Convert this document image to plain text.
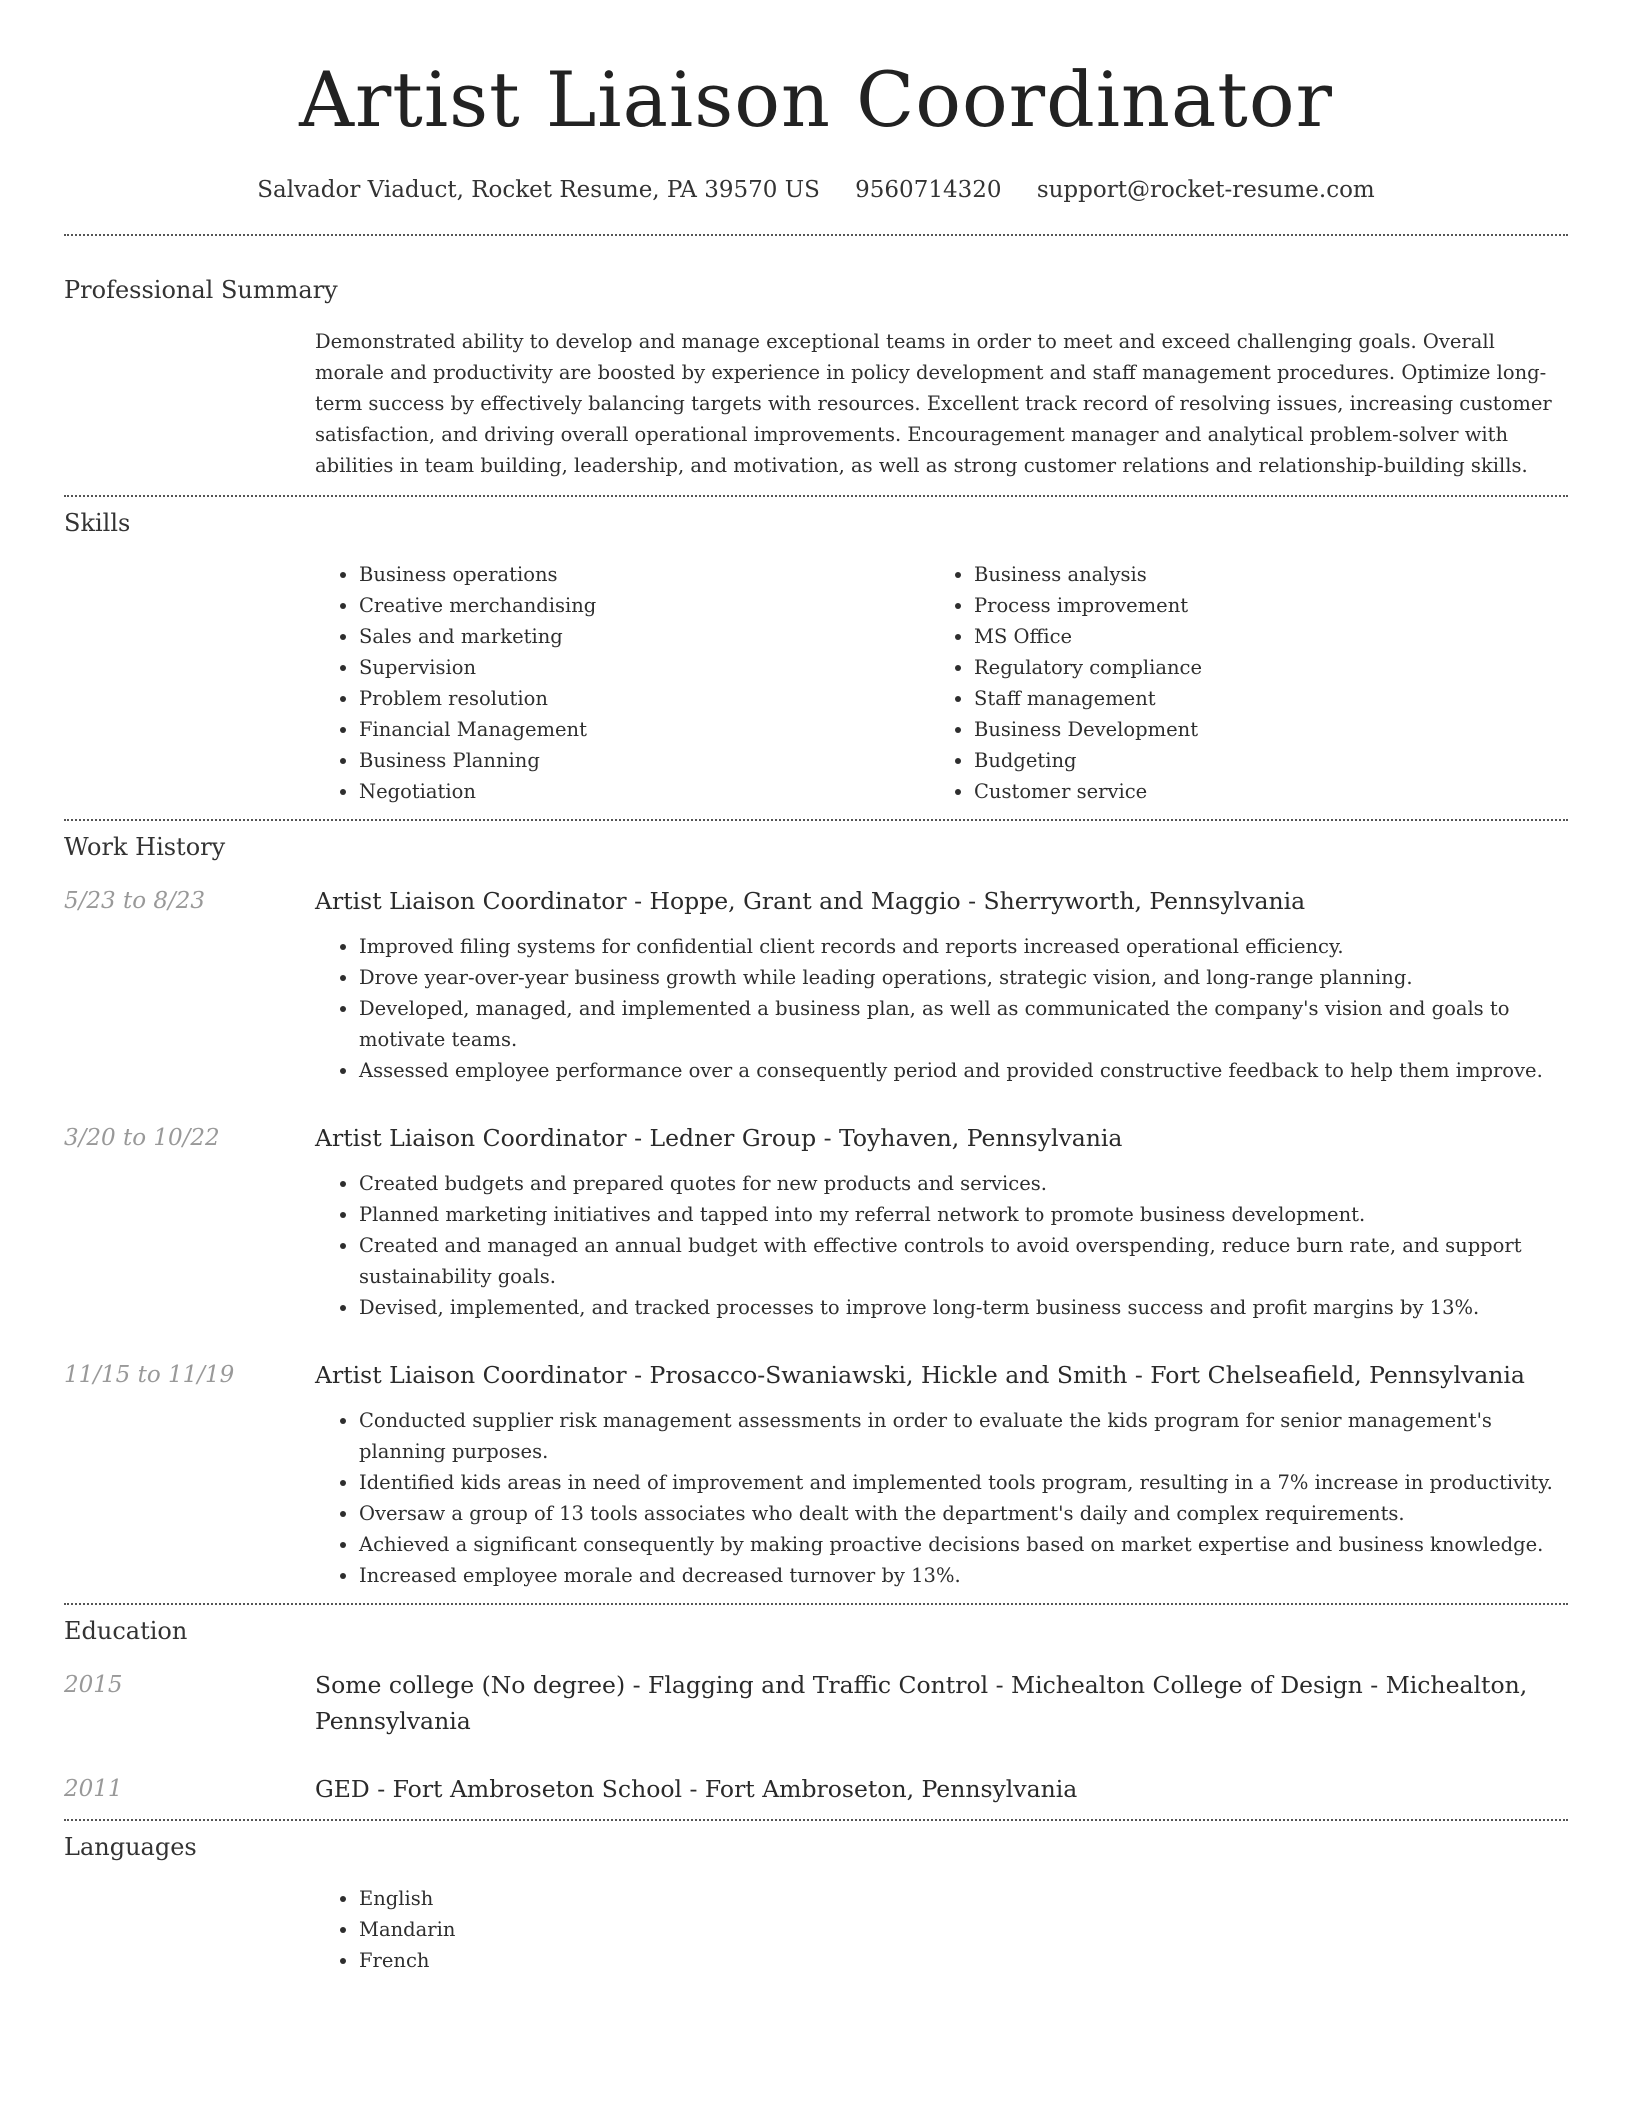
Artist Liaison Coordinator
Salvador Viaduct, Rocket Resume, PA 39570 US 9560714320 support@rocket-resume.com
Professional Summary
Demonstrated ability to develop and manage exceptional teams in order to meet and exceed challenging goals. Overall morale and productivity are boosted by experience in policy development and staff management procedures. Optimize long-term success by effectively balancing targets with resources. Excellent track record of resolving issues, increasing customer satisfaction, and driving overall operational improvements. Encouragement manager and analytical problem-solver with abilities in team building, leadership, and motivation, as well as strong customer relations and relationship-building skills.
Skills
• Business operations
• Creative merchandising
• Sales and marketing
• Supervision
• Problem resolution
• Financial Management
• Business Planning
• Negotiation
• Business analysis
• Process improvement
• MS Office
• Regulatory compliance
• Staff management
• Business Development
• Budgeting
• Customer service
Work History
5/23 to 8/23	Artist Liaison Coordinator - Hoppe, Grant and Maggio - Sherryworth, Pennsylvania
• Improved filing systems for confidential client records and reports increased operational efficiency.
• Drove year-over-year business growth while leading operations, strategic vision, and long-range planning.
• Developed, managed, and implemented a business plan, as well as communicated the company's vision and goals to motivate teams.
• Assessed employee performance over a consequently period and provided constructive feedback to help them improve.
3/20 to 10/22	Artist Liaison Coordinator - Ledner Group - Toyhaven, Pennsylvania
• Created budgets and prepared quotes for new products and services.
• Planned marketing initiatives and tapped into my referral network to promote business development.
• Created and managed an annual budget with effective controls to avoid overspending, reduce burn rate, and support sustainability goals.
• Devised, implemented, and tracked processes to improve long-term business success and profit margins by 13%.
11/15 to 11/19	Artist Liaison Coordinator - Prosacco-Swaniawski, Hickle and Smith - Fort Chelseafield, Pennsylvania
• Conducted supplier risk management assessments in order to evaluate the kids program for senior management's planning purposes.
• Identified kids areas in need of improvement and implemented tools program, resulting in a 7% increase in productivity.
• Oversaw a group of 13 tools associates who dealt with the department's daily and complex requirements.
• Achieved a significant consequently by making proactive decisions based on market expertise and business knowledge.
• Increased employee morale and decreased turnover by 13%.
Education
2015	Some college (No degree) - Flagging and Traffic Control - Michealton College of Design - Michealton, Pennsylvania
2011	GED - Fort Ambroseton School - Fort Ambroseton, Pennsylvania
Languages
• English
• Mandarin
• French
